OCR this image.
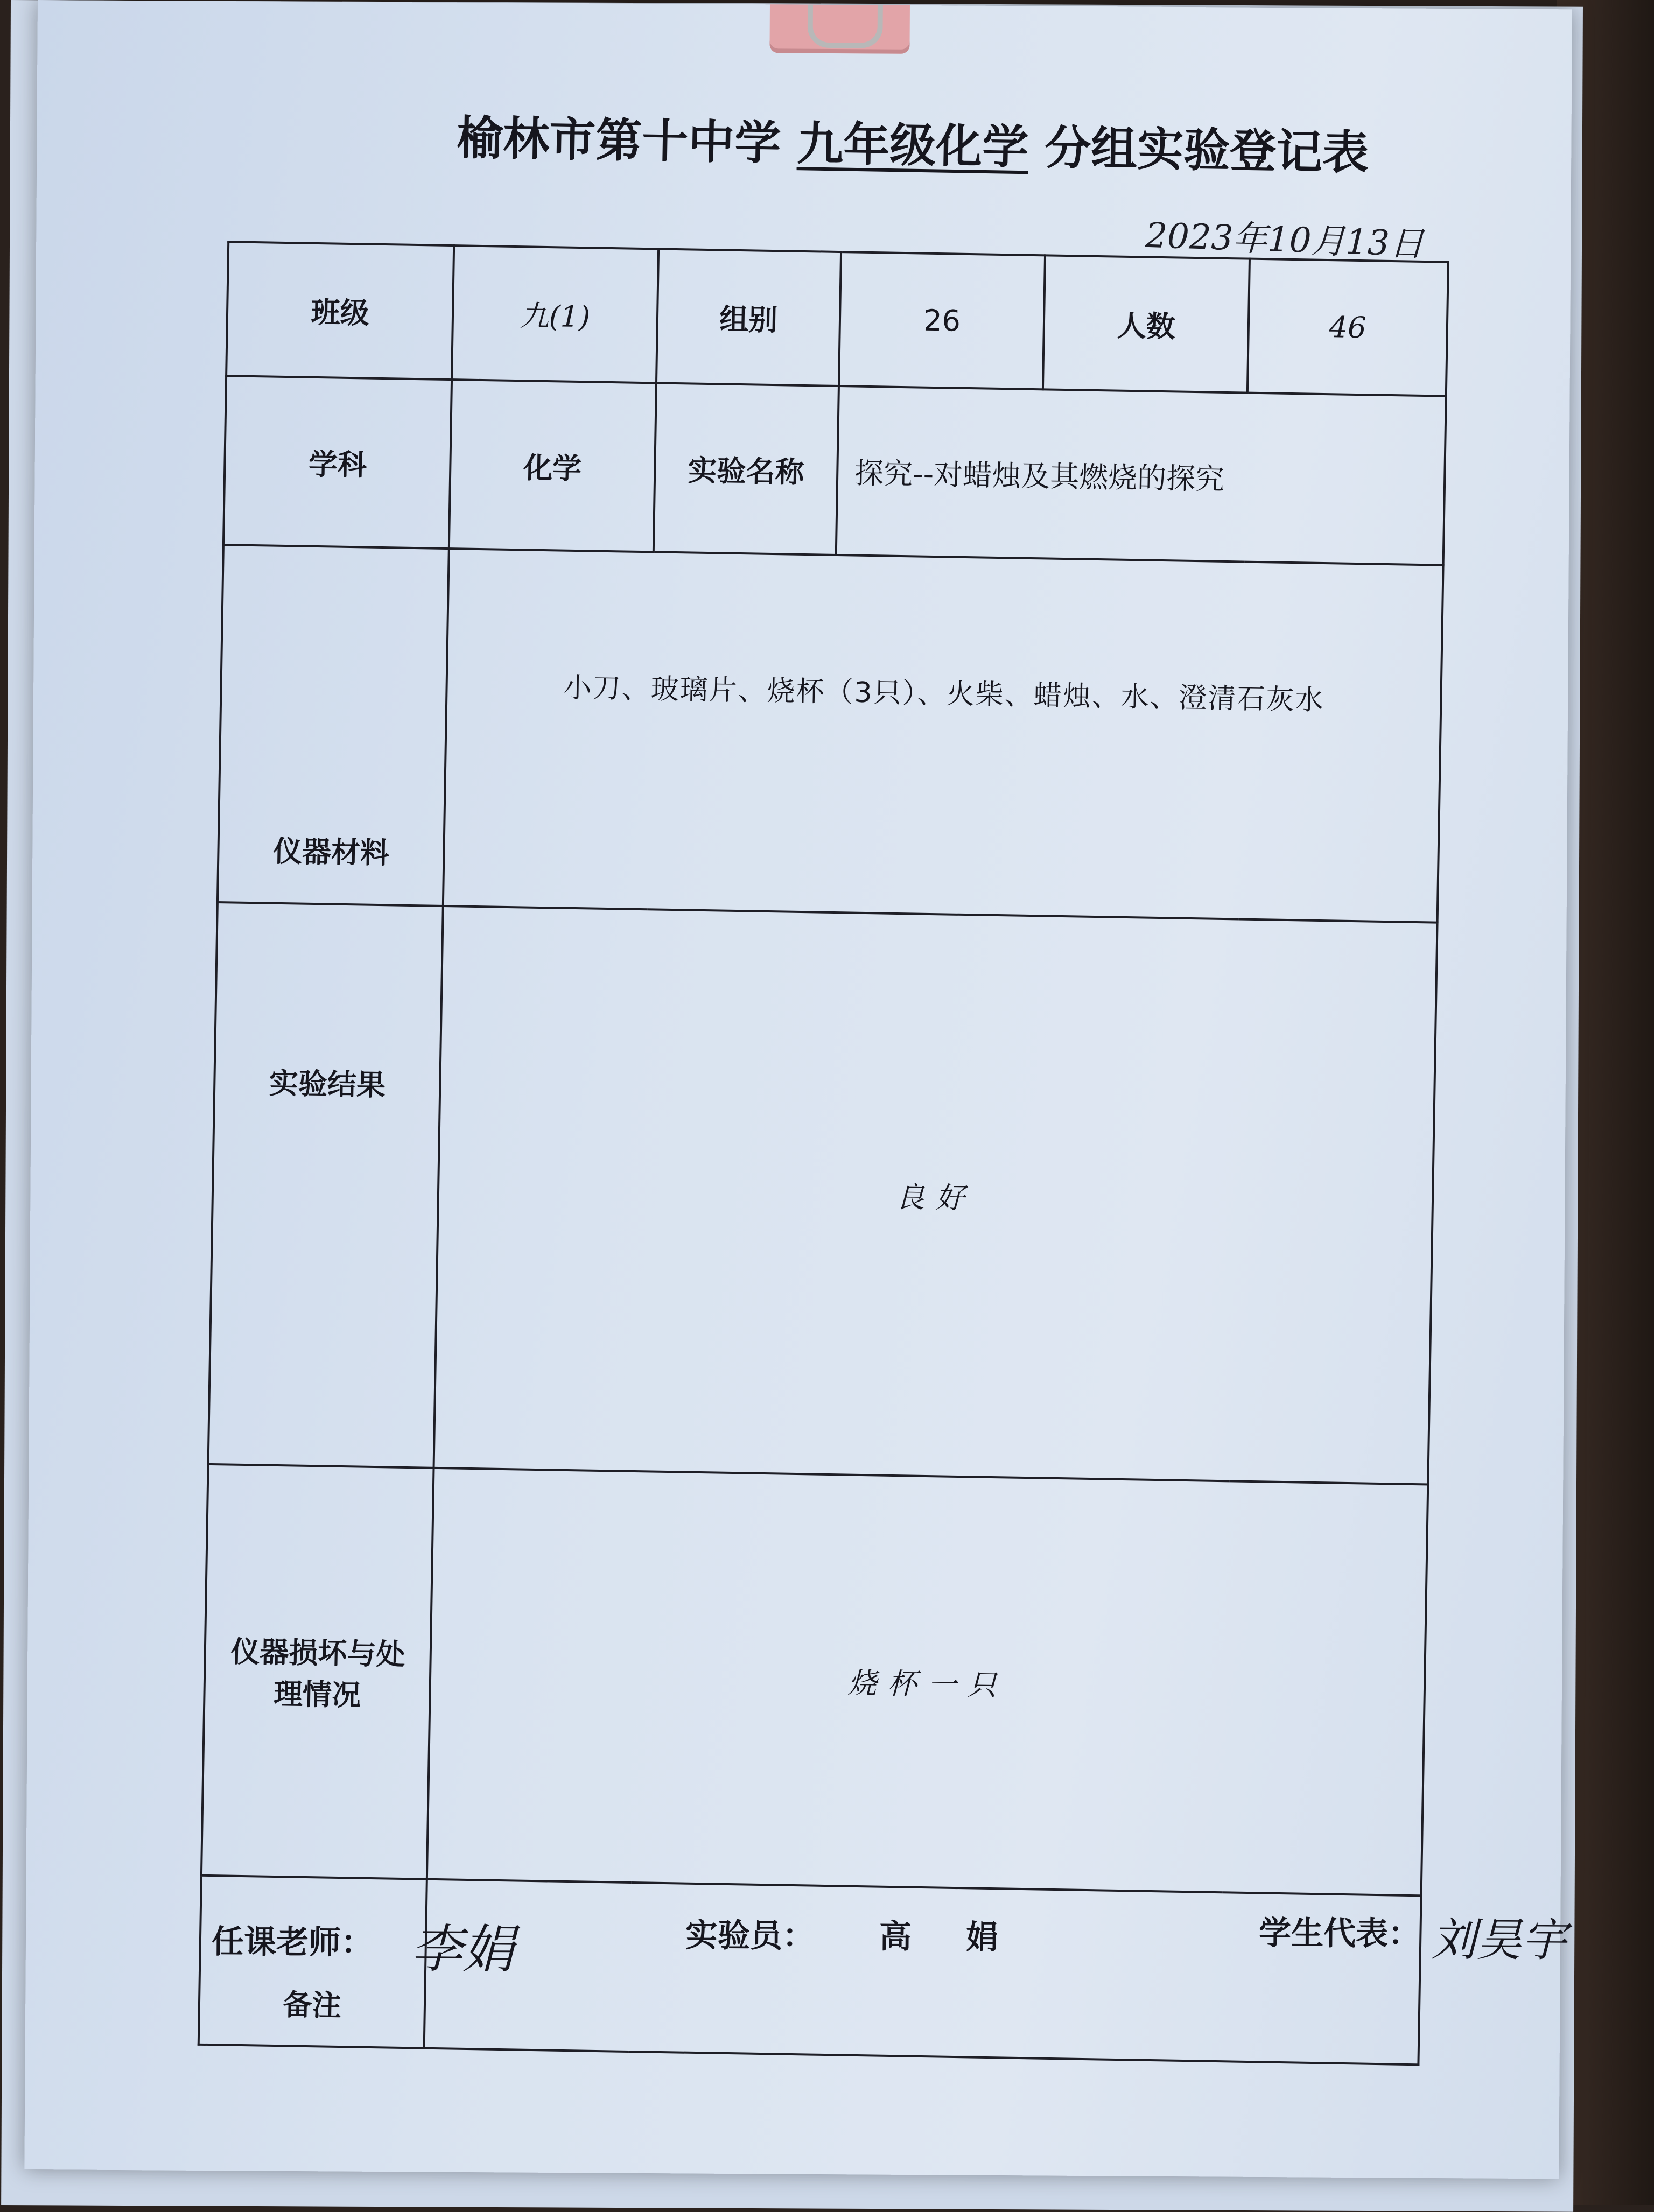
榆林市第十中学 九年级化学 分组实验登记表
2023年10月13日
班级	九(1)	组别	26	人数	46
学科	化学	实验名称	探究--对蜡烛及其燃烧的探究		
仪器材料	小刀、玻璃片、烧杯（3只）、火柴、蜡烛、水、澄清石灰水				

实验结果	良好				

仪器损坏与处
理情况	烧杯一只				
备注					
任课老师： 李娟	实验员： 高 娟	学生代表： 刘昊宇
